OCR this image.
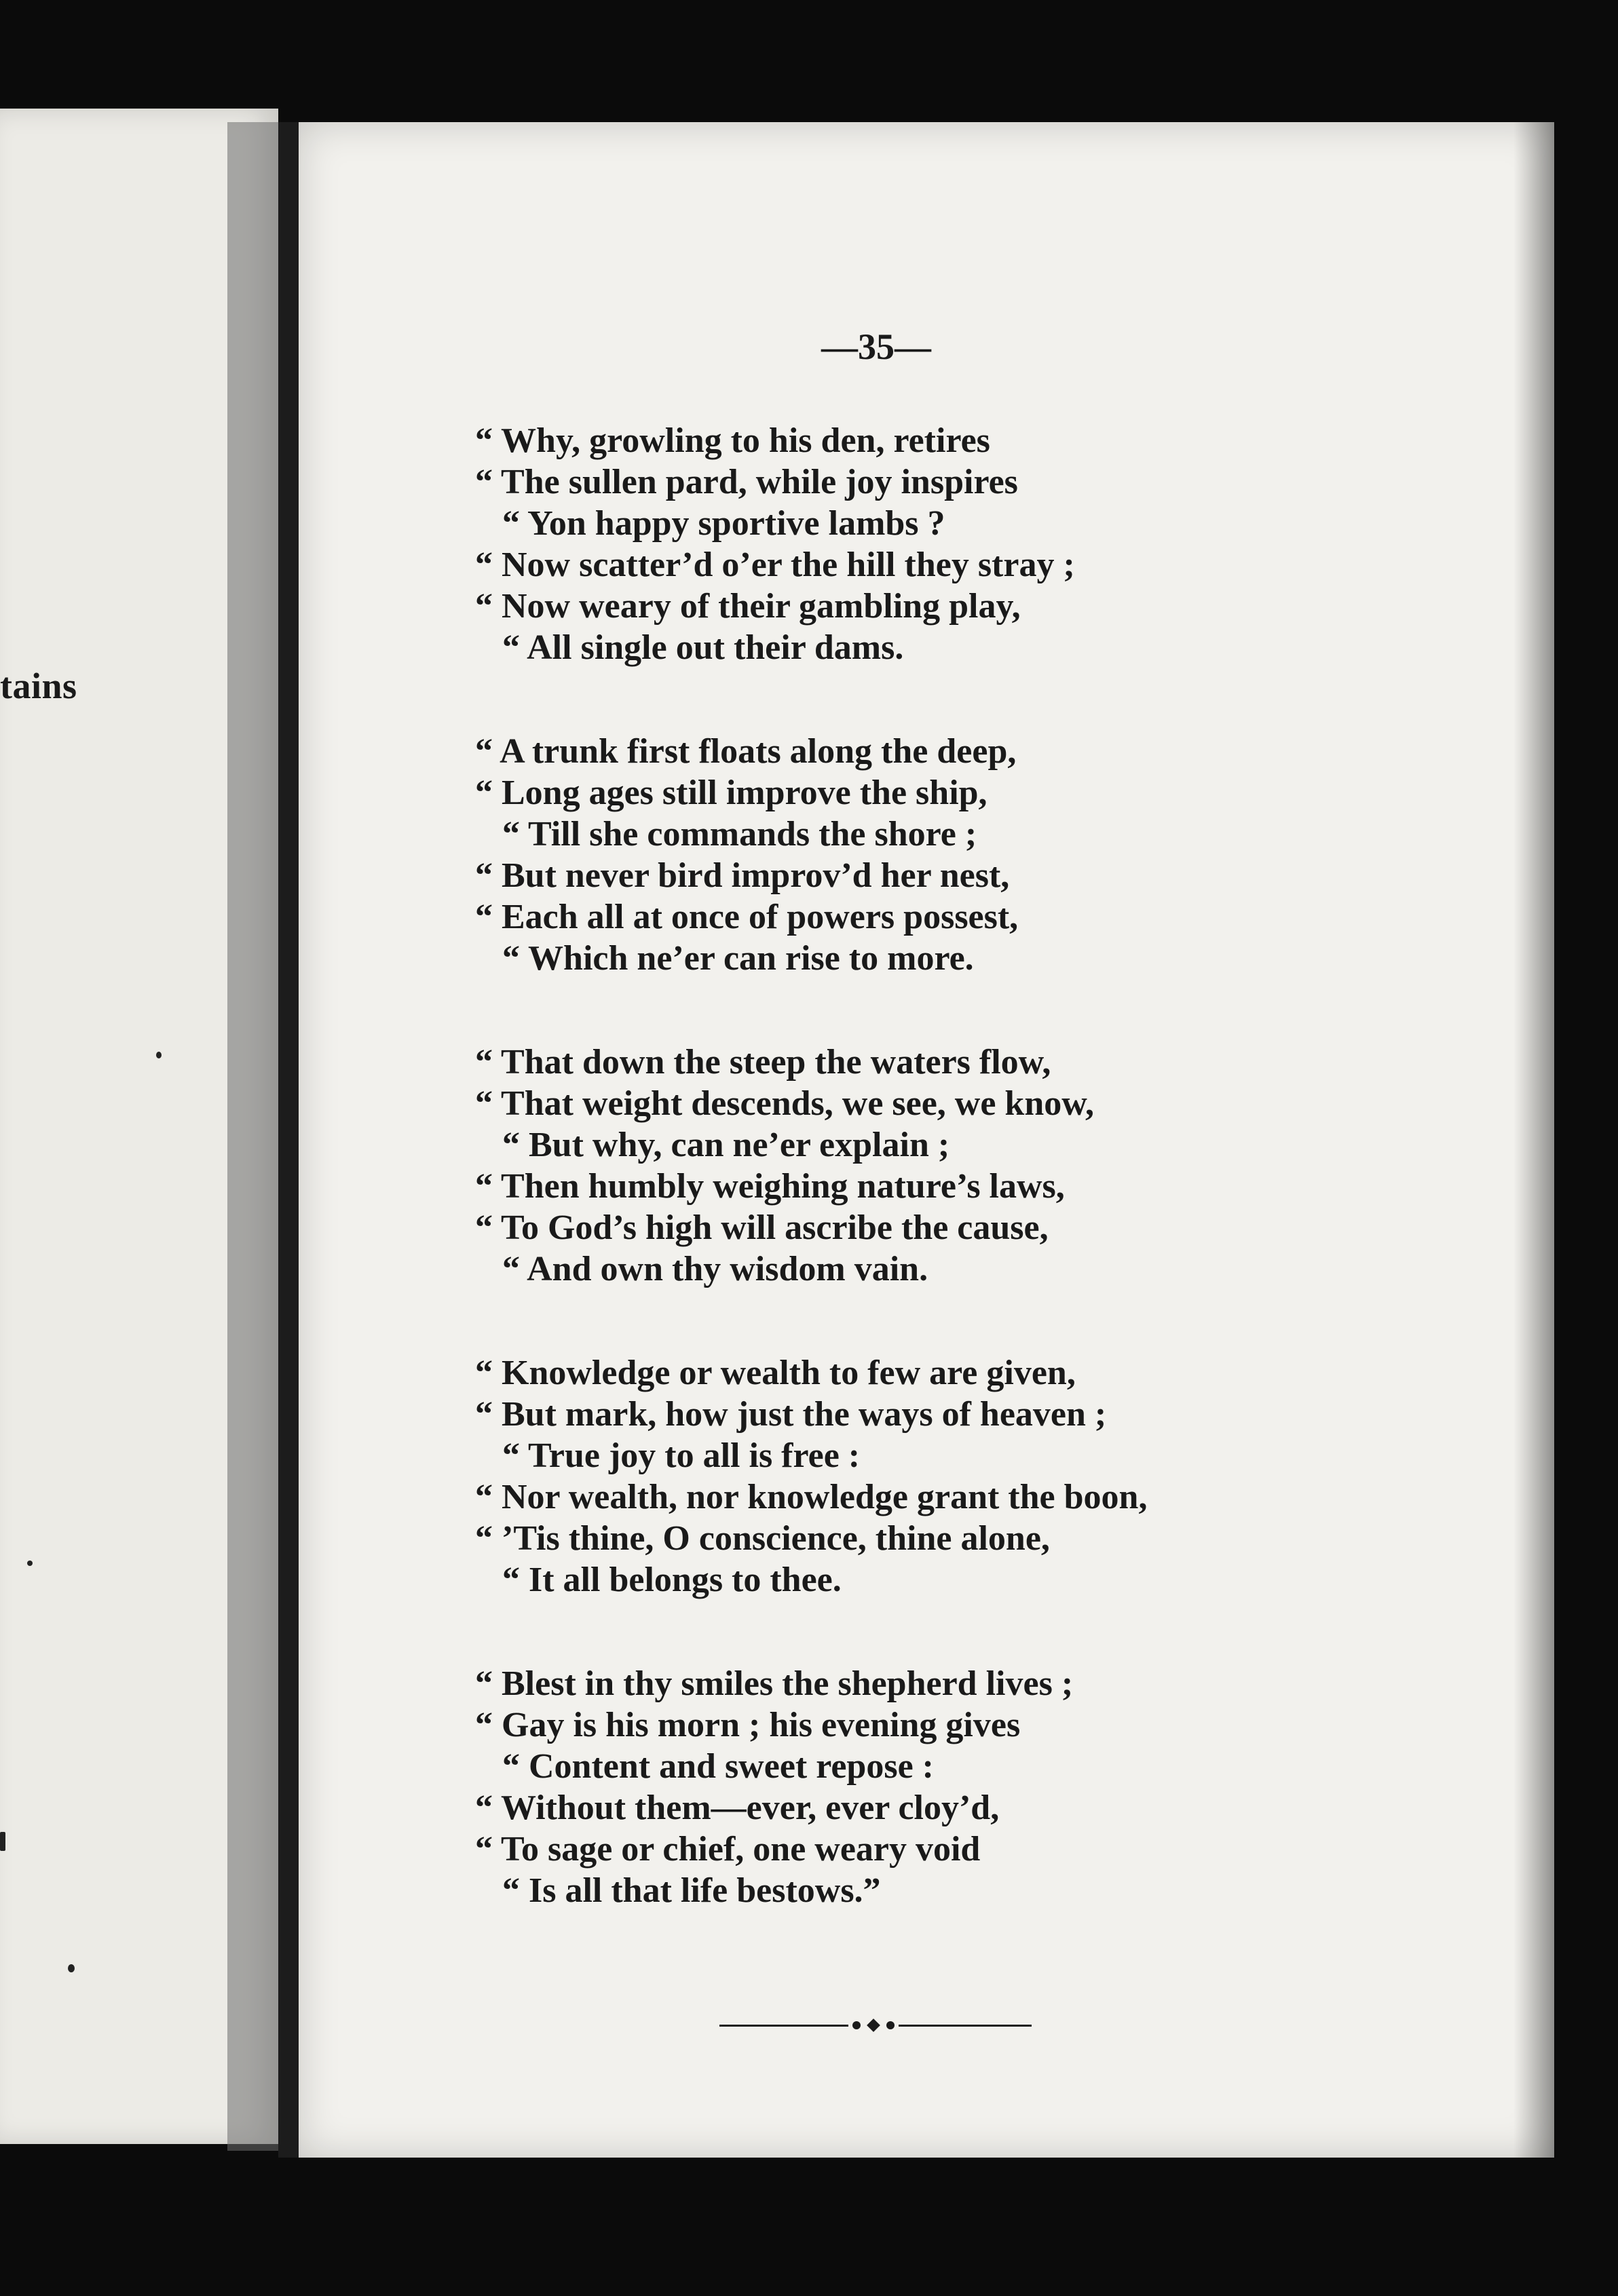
tains
—35—
“ Why, growling to his den, retires
“ The sullen pard, while joy inspires
“ Yon happy sportive lambs ?
“ Now scatter’d o’er the hill they stray ;
“ Now weary of their gambling play,
“ All single out their dams.
“ A trunk first floats along the deep,
“ Long ages still improve the ship,
“ Till she commands the shore ;
“ But never bird improv’d her nest,
“ Each all at once of powers possest,
“ Which ne’er can rise to more.
“ That down the steep the waters flow,
“ That weight descends, we see, we know,
“ But why, can ne’er explain ;
“ Then humbly weighing nature’s laws,
“ To God’s high will ascribe the cause,
“ And own thy wisdom vain.
“ Knowledge or wealth to few are given,
“ But mark, how just the ways of heaven ;
“ True joy to all is free :
“ Nor wealth, nor knowledge grant the boon,
“ ’Tis thine, O conscience, thine alone,
“ It all belongs to thee.
“ Blest in thy smiles the shepherd lives ;
“ Gay is his morn ; his evening gives
“ Content and sweet repose :
“ Without them—ever, ever cloy’d,
“ To sage or chief, one weary void
“ Is all that life bestows.”
